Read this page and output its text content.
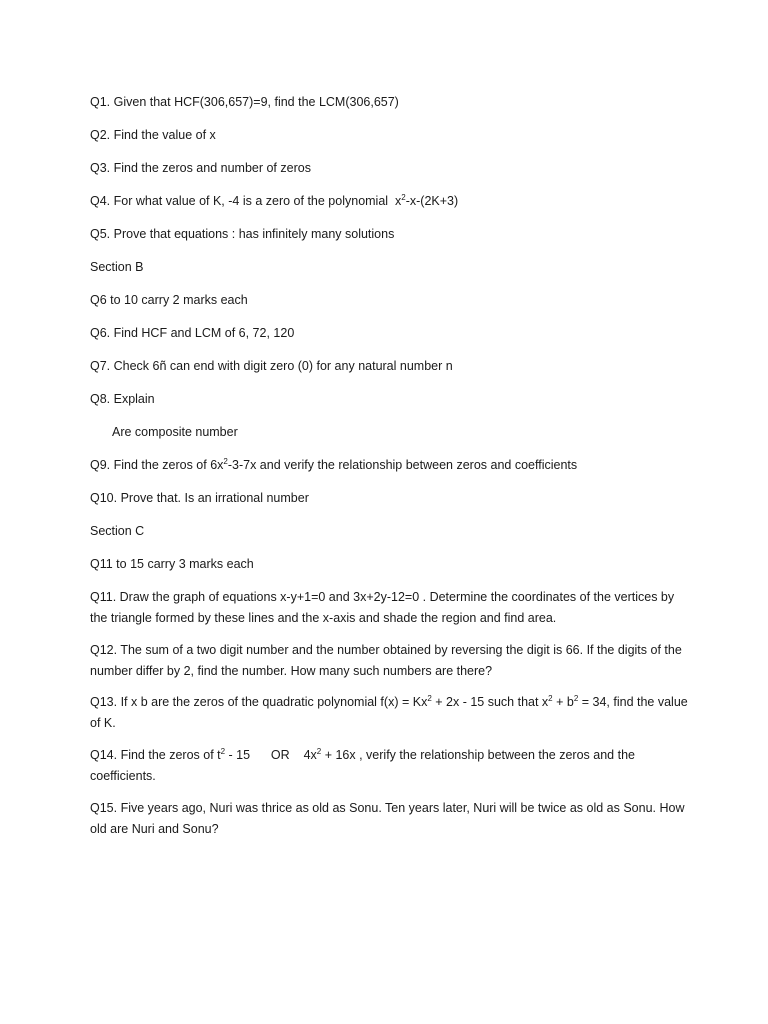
Q1. Given that HCF(306,657)=9, find the LCM(306,657)
Q2. Find the value of x
Q3. Find the zeros and number of zeros
Q4. For what value of K, -4 is a zero of the polynomial $x^2-x-(2K+3)$
Q5. Prove that equations : has infinitely many solutions
Section B
Q6 to 10 carry 2 marks each
Q6. Find HCF and LCM of 6, 72, 120
Q7. Check 6ñ can end with digit zero (0) for any natural number n
Q8. Explain
Are composite number
Q9. Find the zeros of $6x^2-3-7x$ and verify the relationship between zeros and coefficients
Q10. Prove that. Is an irrational number
Section C
Q11 to 15 carry 3 marks each
Q11. Draw the graph of equations x-y+1=0 and 3x+2y-12=0 . Determine the coordinates of the vertices by the triangle formed by these lines and the x-axis and shade the region and find area.
Q12. The sum of a two digit number and the number obtained by reversing the digit is 66. If the digits of the number differ by 2, find the number. How many such numbers are there?
Q13. If x b are the zeros of the quadratic polynomial $f(x) = Kx^2 + 2x - 15$ such that $x^2 + b^2 = 34$, find the value of K.
Q14. Find the zeros of $t^2 - 15$      OR    $4x^2 + 16x$ , verify the relationship between the zeros and the coefficients.
Q15. Five years ago, Nuri was thrice as old as Sonu. Ten years later, Nuri will be twice as old as Sonu. How old are Nuri and Sonu?
